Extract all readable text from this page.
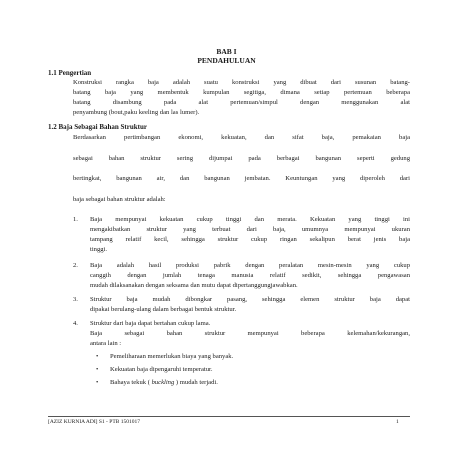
BAB I
PENDAHULUAN
1.1 Pengertian
Konstruksi rangka baja adalah suatu konstruksi yang dibuat dari susunan batang-
batang baja yang membentuk kumpulan segitiga, dimana setiap pertemuan beberapa
batang disambung pada alat pertemuan/simpul dengan menggunakan alat
penyambung (bout,paku keeling dan las lumer).
1.2 Baja Sebagai Bahan Struktur
Berdasarkan pertimbangan ekonomi, kekuatan, dan sifat baja, pemakaian baja
sebagai bahan struktur sering dijumpai pada berbagai bangunan seperti gedung
bertingkat, bangunan air, dan bangunan jembatan. Keuntungan yang diperoleh dari
baja sebagai bahan struktur adalah:
1. Baja mempunyai kekuatan cukup tinggi dan merata. Kekuatan yang tinggi ini
mengakibatkan struktur yang terbuat dari baja, umumnya mempunyai ukuran
tampang relatif kecil, sehingga struktur cukup ringan sekalipun berat jenis baja
tinggi.
2. Baja adalah hasil produksi pabrik dengan peralatan mesin-mesin yang cukup
canggih dengan jumlah tenaga manusia relatif sedikit, sehingga pengawasan
mudah dilaksanakan dengan seksama dan mutu dapat dipertanggungjawabkan.
3. Struktur baja mudah dibongkar pasang, sehingga elemen struktur baja dapat
dipakai berulang-ulang dalam berbagai bentuk struktur.
4. Struktur dari baja dapat bertahan cukup lama.
Baja sebagai bahan struktur mempunyai beberapa kelemahan/kekurangan,
antara lain :
• Pemeliharaan memerlukan biaya yang banyak.
• Kekuatan baja dipengaruhi temperatur.
• Bahaya tekuk ( buckling ) mudah terjadi.
[AZIZ KURNIA ADI] S1 - PTB 1501017	1
